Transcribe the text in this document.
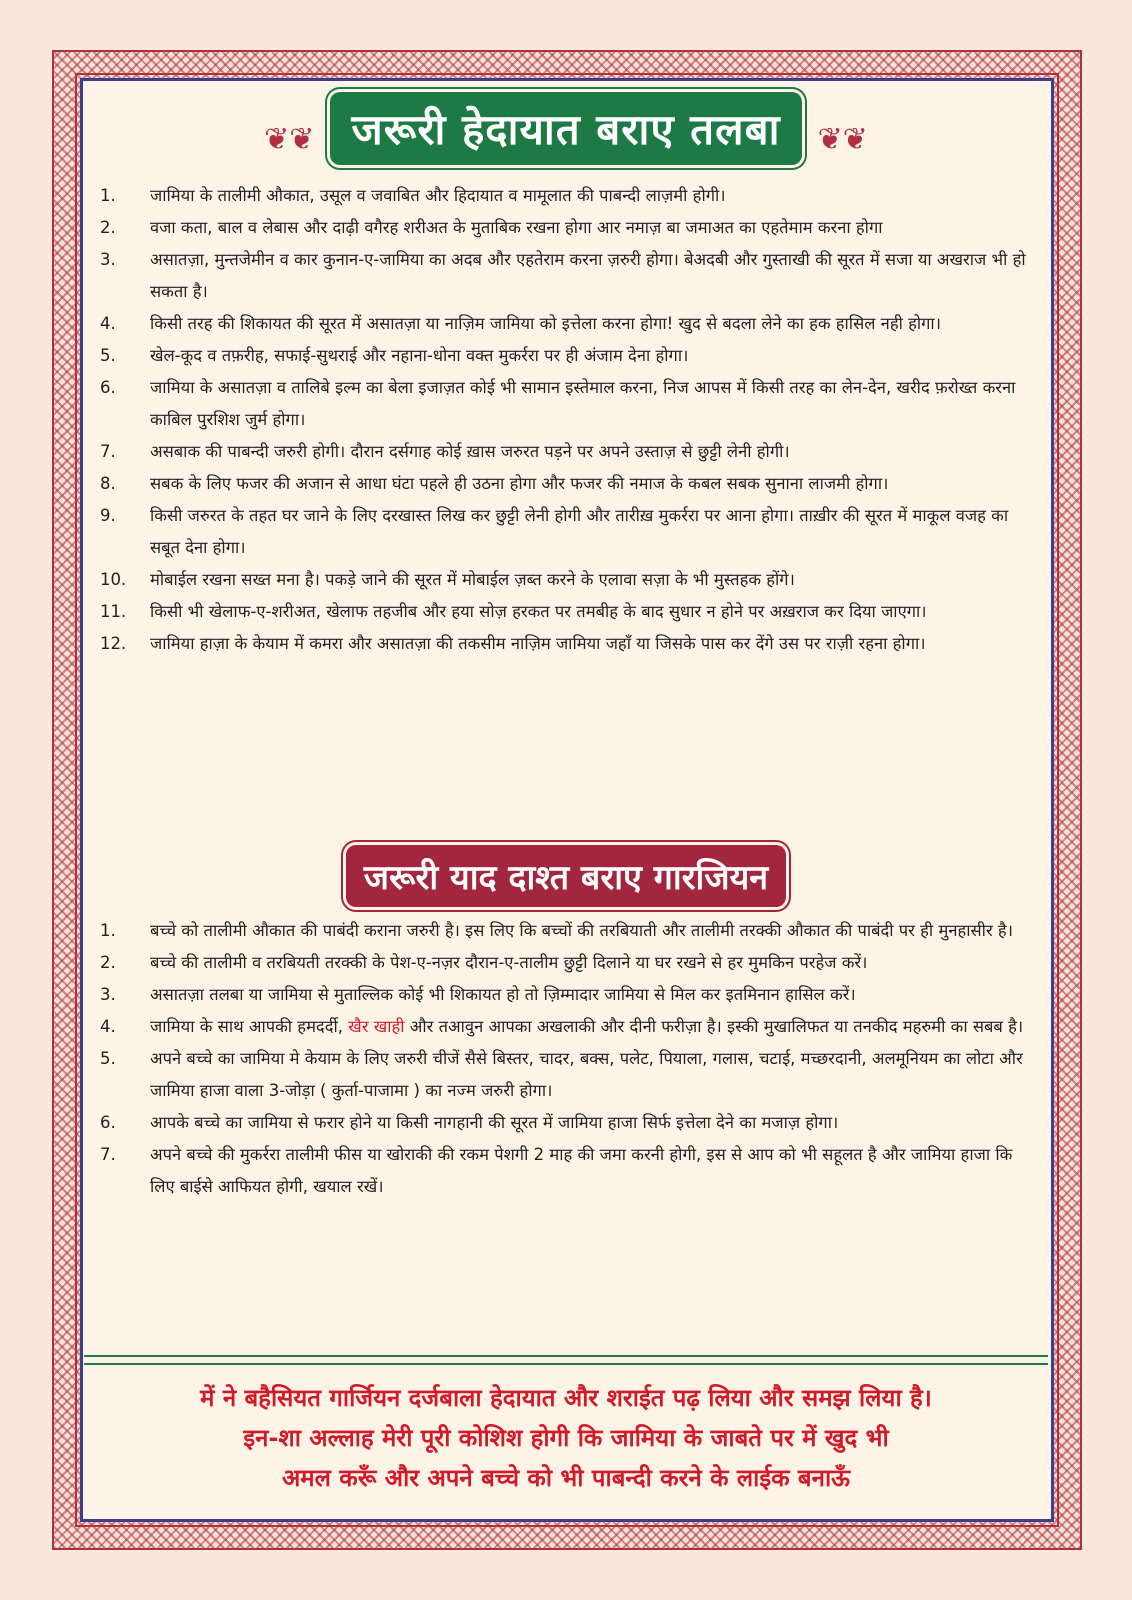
❦❦ जरूरी हेदायात बराए तलबा ❦❦
1.	जामिया के तालीमी औकात, उसूल व जवाबित और हिदायात व मामूलात की पाबन्दी लाज़मी होगी।
2.	वजा कता, बाल व लेबास और दाढ़ी वगैरह शरीअत के मुताबिक रखना होगा आर नमाज़ बा जमाअत का एहतेमाम करना होगा
3.	असातज़ा, मुन्तजेमीन व कार कुनान-ए-जामिया का अदब और एहतेराम करना ज़रुरी होगा। बेअदबी और गुस्ताखी की सूरत में सजा या अखराज भी हो सकता है।
4.	किसी तरह की शिकायत की सूरत में असातज़ा या नाज़िम जामिया को इत्तेला करना होगा! खुद से बदला लेने का हक हासिल नही होगा।
5.	खेल-कूद व तफ़रीह, सफाई-सुथराई और नहाना-धोना वक्त मुकर्ररा पर ही अंजाम देना होगा।
6.	जामिया के असातज़ा व तालिबे इल्म का बेला इजाज़त कोई भी सामान इस्तेमाल करना, निज आपस में किसी तरह का लेन-देन, खरीद फ़रोख्त करना काबिल पुरशिश जुर्म होगा।
7.	असबाक की पाबन्दी जरुरी होगी। दौरान दर्सगाह कोई ख़ास जरुरत पड़ने पर अपने उस्ताज़ से छुट्टी लेनी होगी।
8.	सबक के लिए फजर की अजान से आधा घंटा पहले ही उठना होगा और फजर की नमाज के कबल सबक सुनाना लाजमी होगा।
9.	किसी जरुरत के तहत घर जाने के लिए दरखास्त लिख कर छुट्टी लेनी होगी और तारीख़ मुकर्ररा पर आना होगा। ताख़ीर की सूरत में माकूल वजह का सबूत देना होगा।
10.	मोबाईल रखना सख्त मना है। पकड़े जाने की सूरत में मोबाईल ज़ब्त करने के एलावा सज़ा के भी मुस्तहक होंगे।
11.	किसी भी खेलाफ-ए-शरीअत, खेलाफ तहजीब और हया सोज़ हरकत पर तमबीह के बाद सुधार न होने पर अख़राज कर दिया जाएगा।
12.	जामिया हाज़ा के केयाम में कमरा और असातज़ा की तकसीम नाज़िम जामिया जहाँ या जिसके पास कर देंगे उस पर राज़ी रहना होगा।
जरूरी याद दाश्त बराए गारजियन
1.	बच्चे को तालीमी औकात की पाबंदी कराना जरुरी है। इस लिए कि बच्चों की तरबियाती और तालीमी तरक्की औकात की पाबंदी पर ही मुनहासीर है।
2.	बच्चे की तालीमी व तरबियती तरक्की के पेश-ए-नज़र दौरान-ए-तालीम छुट्टी दिलाने या घर रखने से हर मुमकिन परहेज करें।
3.	असातज़ा तलबा या जामिया से मुताल्लिक कोई भी शिकायत हो तो ज़िम्मादार जामिया से मिल कर इतमिनान हासिल करें।
4.	जामिया के साथ आपकी हमदर्दी, खैर खाही और तआवुन आपका अखलाकी और दीनी फरीज़ा है। इस्की मुखालिफत या तनकीद महरुमी का सबब है।
5.	अपने बच्चे का जामिया मे केयाम के लिए जरुरी चीजें सैसे बिस्तर, चादर, बक्स, पलेट, पियाला, गलास, चटाई, मच्छरदानी, अलमूनियम का लोटा और जामिया हाजा वाला 3-जोड़ा ( कुर्ता-पाजामा ) का नज्म जरुरी होगा।
6.	आपके बच्चे का जामिया से फरार होने या किसी नागहानी की सूरत में जामिया हाजा सिर्फ इत्तेला देने का मजाज़ होगा।
7.	अपने बच्चे की मुकर्ररा तालीमी फीस या खोराकी की रकम पेशगी 2 माह की जमा करनी होगी, इस से आप को भी सहूलत है और जामिया हाजा कि लिए बाईसे आफियत होगी, खयाल रखें।
में ने बहैसियत गार्जियन दर्जबाला हेदायात और शराईत पढ़ लिया और समझ लिया है।
इन-शा अल्लाह मेरी पूरी कोशिश होगी कि जामिया के जाबते पर में खुद भी
अमल करूँ और अपने बच्चे को भी पाबन्दी करने के लाईक बनाऊँ
